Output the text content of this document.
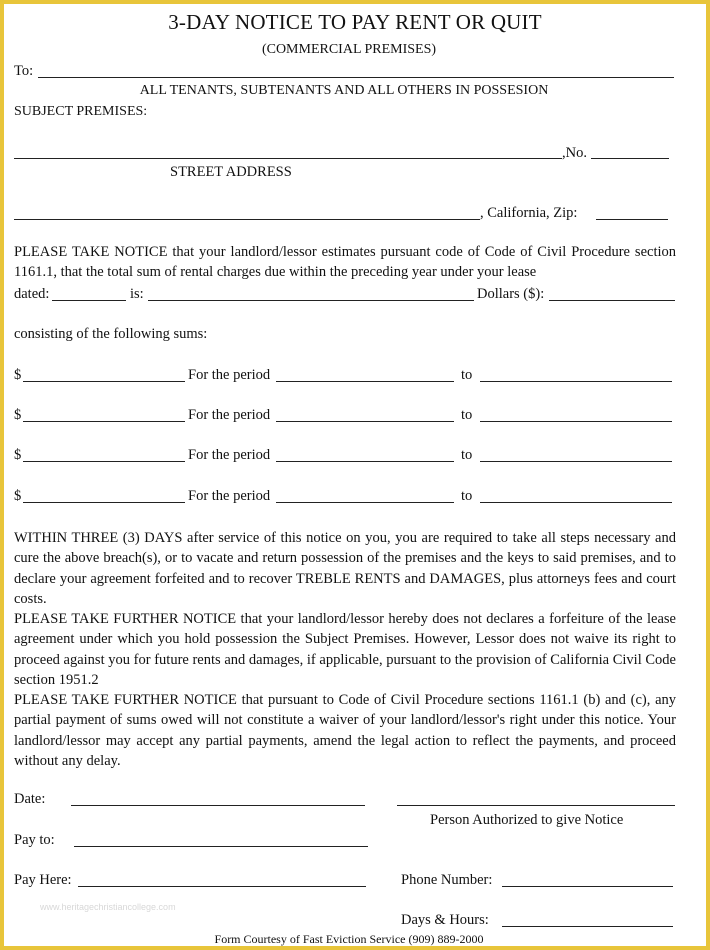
3-DAY NOTICE TO PAY RENT OR QUIT
(COMMERCIAL PREMISES)
To:
ALL TENANTS, SUBTENANTS AND ALL OTHERS IN POSSESION
SUBJECT PREMISES:
,No.
STREET ADDRESS
, California, Zip:
PLEASE TAKE NOTICE that your landlord/lessor estimates pursuant code of Code of Civil Procedure section 1161.1, that the total sum of rental charges due within the preceding year under your lease
dated:	is:	Dollars ($):
consisting of the following sums:
$	For the period	to
$	For the period	to
$	For the period	to
$	For the period	to
WITHIN THREE (3) DAYS after service of this notice on you, you are required to take all steps necessary and cure the above breach(s), or to vacate and return possession of the premises and the keys to said premises, and to declare your agreement forfeited and to recover TREBLE RENTS and DAMAGES, plus attorneys fees and court costs.
PLEASE TAKE FURTHER NOTICE that your landlord/lessor hereby does not declares a forfeiture of the lease agreement under which you hold possession the Subject Premises. However, Lessor does not waive its right to proceed against you for future rents and damages, if applicable, pursuant to the provision of California Civil Code section 1951.2
PLEASE TAKE FURTHER NOTICE that pursuant to Code of Civil Procedure sections 1161.1 (b) and (c), any partial payment of sums owed will not constitute a waiver of your landlord/lessor's right under this notice. Your landlord/lessor may accept any partial payments, amend the legal action to reflect the payments, and proceed without any delay.
Date:
Person Authorized to give Notice
Pay to:
Pay Here:	Phone Number:
www.heritagechristiancollege.com
Days & Hours:
Form Courtesy of Fast Eviction Service (909) 889-2000
